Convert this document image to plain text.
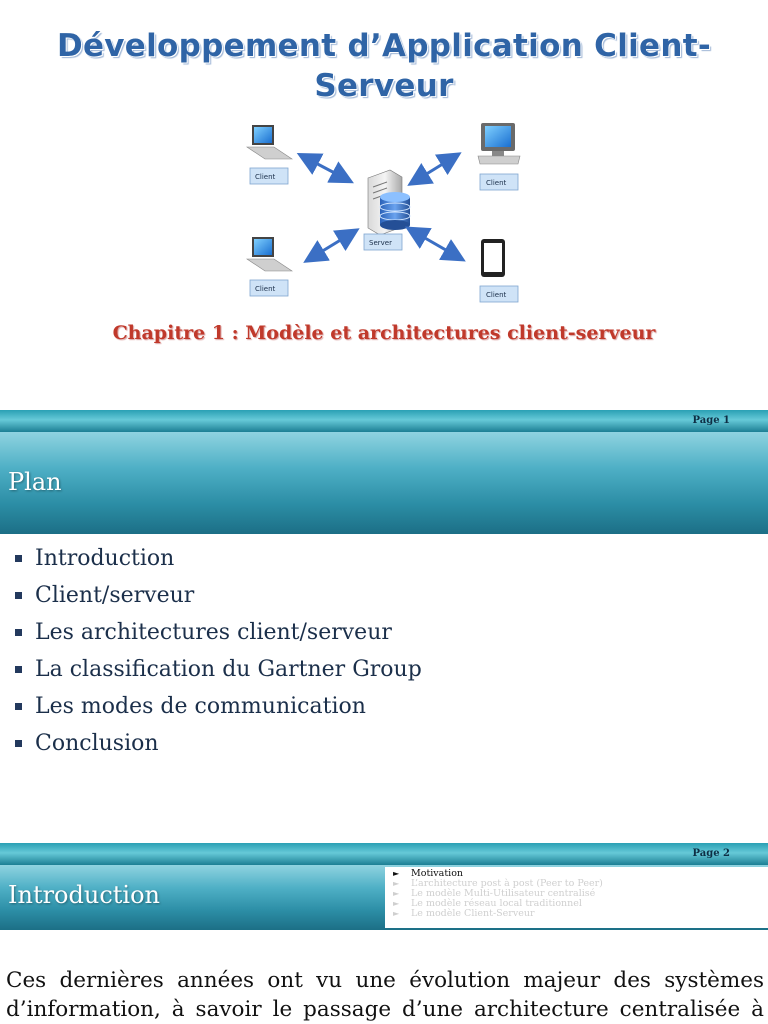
Développement d’Application Client-
Serveur
Client
Client
Server
Client
Client
Chapitre 1 : Modèle et architectures client-serveur
Page 1
Plan
Introduction
Client/serveur
Les architectures client/serveur
La classification du Gartner Group
Les modes de communication
Conclusion
Page 2
Introduction
►	Motivation
►	L’architecture post à post (Peer to Peer)
►	Le modèle Multi-Utilisateur centralisé
►	Le modèle réseau local traditionnel
►	Le modèle Client-Serveur
Ces dernières années ont vu une évolution majeur des systèmes
d’information, à savoir le passage d’une architecture centralisée à
